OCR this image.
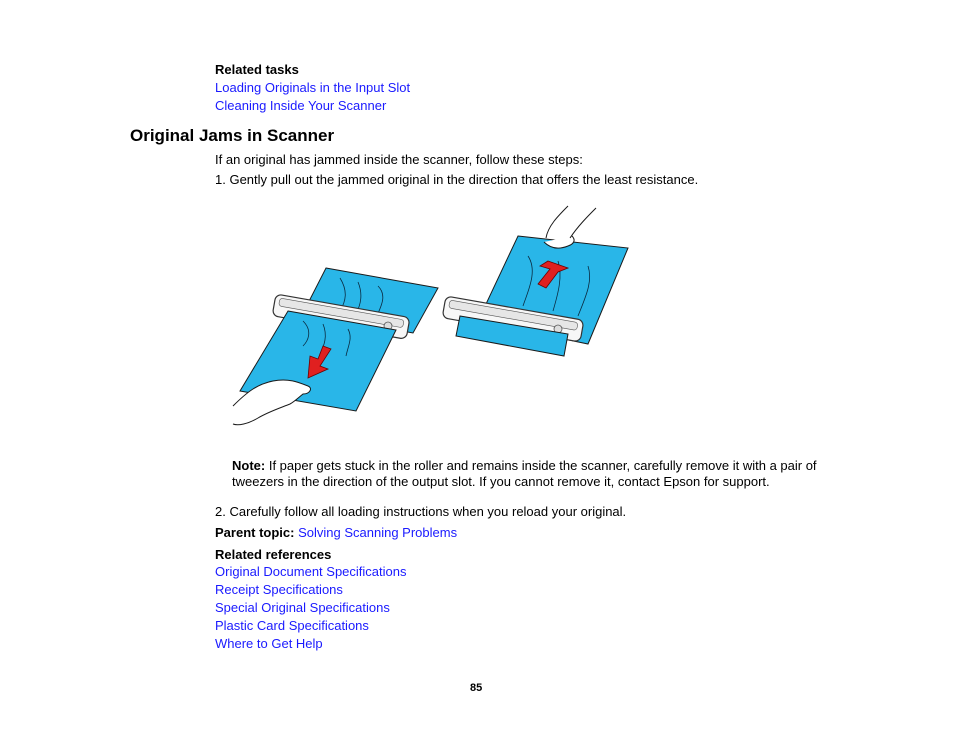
Related tasks
Loading Originals in the Input Slot
Cleaning Inside Your Scanner
Original Jams in Scanner
If an original has jammed inside the scanner, follow these steps:
1. Gently pull out the jammed original in the direction that offers the least resistance.
Note: If paper gets stuck in the roller and remains inside the scanner, carefully remove it with a pair of tweezers in the direction of the output slot. If you cannot remove it, contact Epson for support.
2. Carefully follow all loading instructions when you reload your original.
Parent topic: Solving Scanning Problems
Related references
Original Document Specifications
Receipt Specifications
Special Original Specifications
Plastic Card Specifications
Where to Get Help
85
